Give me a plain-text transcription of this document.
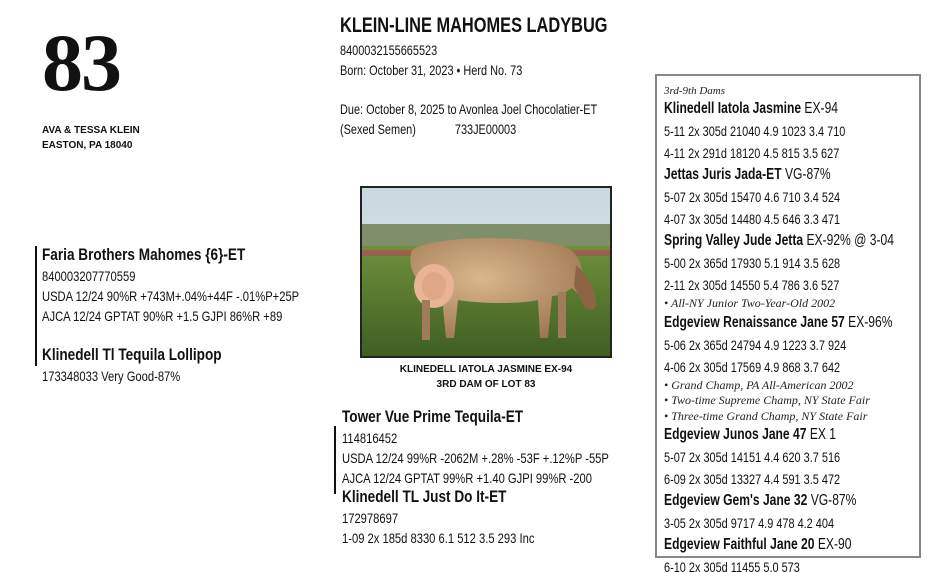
83
AVA & TESSA KLEIN
EASTON, PA 18040
KLEIN-LINE MAHOMES LADYBUG
8400032155665523
Born: October 31, 2023 • Herd No. 73
Due: October 8, 2025 to Avonlea Joel Chocolatier-ET
(Sexed Semen)	733JE00003
Faria Brothers Mahomes {6}-ET
840003207770559
USDA 12/24 90%R +743M+.04%+44F -.01%P+25P
AJCA 12/24 GPTAT 90%R +1.5 GJPI 86%R +89
Klinedell Tl Tequila Lollipop
173348033 Very Good-87%	KLINEDELL IATOLA JASMINE EX-94
3RD DAM OF LOT 83
Tower Vue Prime Tequila-ET
114816452
USDA 12/24 99%R -2062M +.28% -53F +.12%P -55P
AJCA 12/24 GPTAT 99%R +1.40 GJPI 99%R -200
Klinedell TL Just Do It-ET
172978697
1-09 2x 185d 8330 6.1 512 3.5 293 Inc
3rd-9th Dams
Klinedell Iatola Jasmine EX-94
5-11 2x 305d 21040 4.9 1023 3.4 710
4-11 2x 291d 18120 4.5 815 3.5 627
Jettas Juris Jada-ET VG-87%
5-07 2x 305d 15470 4.6 710 3.4 524
4-07 3x 305d 14480 4.5 646 3.3 471
Spring Valley Jude Jetta EX-92% @ 3-04
5-00 2x 365d 17930 5.1 914 3.5 628
2-11 2x 305d 14550 5.4 786 3.6 527
• All-NY Junior Two-Year-Old 2002
Edgeview Renaissance Jane 57 EX-96%
5-06 2x 365d 24794 4.9 1223 3.7 924
4-06 2x 305d 17569 4.9 868 3.7 642
• Grand Champ, PA All-American 2002
• Two-time Supreme Champ, NY State Fair
• Three-time Grand Champ, NY State Fair
Edgeview Junos Jane 47 EX 1
5-07 2x 305d 14151 4.4 620 3.7 516
6-09 2x 305d 13327 4.4 591 3.5 472
Edgeview Gem's Jane 32 VG-87%
3-05 2x 305d 9717 4.9 478 4.2 404
Edgeview Faithful Jane 20 EX-90
6-10 2x 305d 11455 5.0 573
